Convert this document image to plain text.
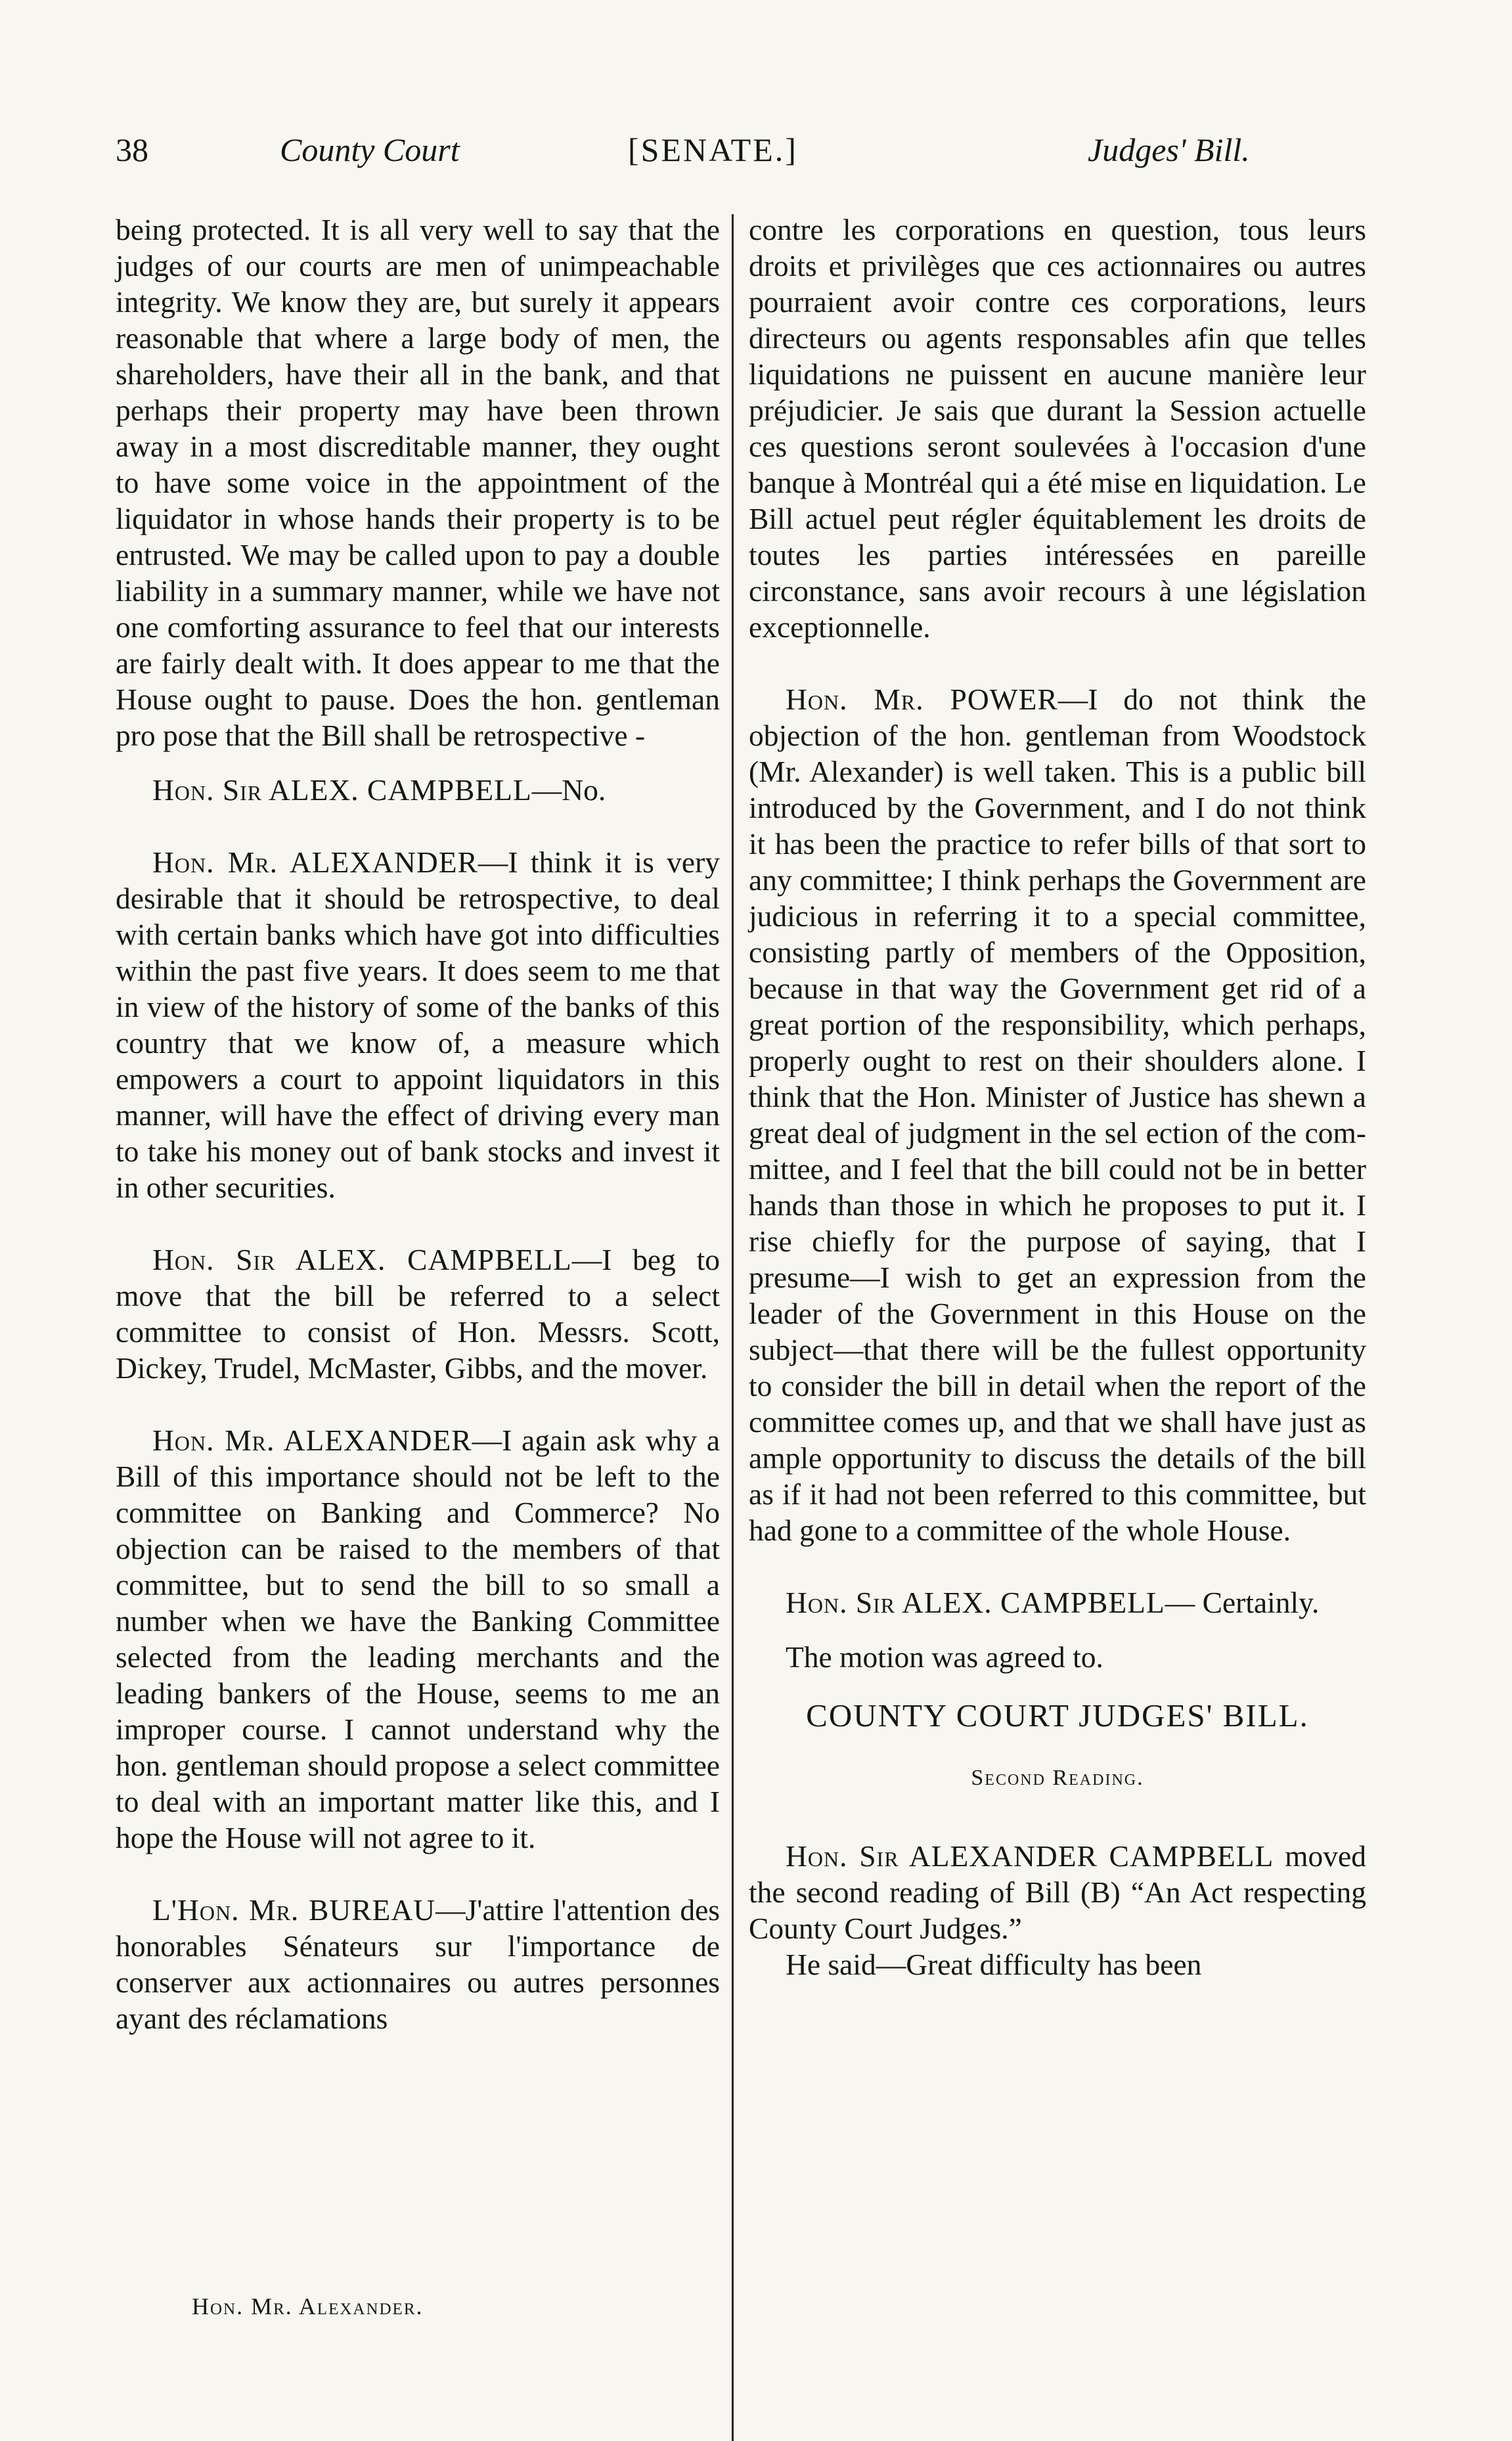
38	County Court	[SENATE.]	Judges' Bill.

being protected. It is all very well to say that the judges of our courts are men of unimpeachable integrity. We know they are, but surely it appears reasonable that where a large body of men, the shareholders, have their all in the bank, and that perhaps their property may have been thrown away in a most discreditable manner, they ought to have some voice in the appointment of the liquidator in whose hands their property is to be entrusted. We may be called upon to pay a double liability in a summary manner, while we have not one comforting assurance to feel that our interests are fairly dealt with. It does appear to me that the House ought to pause. Does the hon. gentleman pro pose that the Bill shall be retrospective -

Hon. Sir ALEX. CAMPBELL—No.

Hon. Mr. ALEXANDER—I think it is very desirable that it should be retrospective, to deal with certain banks which have got into difficulties within the past five years. It does seem to me that in view of the history of some of the banks of this country that we know of, a measure which empowers a court to appoint liquidators in this manner, will have the effect of driving every man to take his money out of bank stocks and invest it in other securities.

Hon. Sir ALEX. CAMPBELL—I beg to move that the bill be referred to a select committee to consist of Hon. Messrs. Scott, Dickey, Trudel, McMaster, Gibbs, and the mover.

Hon. Mr. ALEXANDER—I again ask why a Bill of this importance should not be left to the committee on Banking and Commerce? No objection can be raised to the members of that committee, but to send the bill to so small a number when we have the Banking Committee selected from the leading merchants and the leading bankers of the House, seems to me an improper course. I cannot understand why the hon. gentleman should propose a select committee to deal with an important matter like this, and I hope the House will not agree to it.

L'Hon. Mr. BUREAU—J'attire l'attention des honorables Sénateurs sur l'importance de conserver aux actionnaires ou autres personnes ayant des réclamations

contre les corporations en question, tous leurs droits et privilèges que ces actionnaires ou autres pourraient avoir contre ces corporations, leurs directeurs ou agents responsables afin que telles liquidations ne puissent en aucune manière leur préjudicier. Je sais que durant la Session actuelle ces questions seront soulevées à l'occasion d'une banque à Montréal qui a été mise en liquidation. Le Bill actuel peut régler équitablement les droits de toutes les parties intéressées en pareille circonstance, sans avoir recours à une législation exceptionnelle.

Hon. Mr. POWER—I do not think the objection of the hon. gentleman from Woodstock (Mr. Alexander) is well taken. This is a public bill introduced by the Government, and I do not think it has been the practice to refer bills of that sort to any committee; I think perhaps the Government are judicious in referring it to a special committee, consisting partly of members of the Opposition, because in that way the Government get rid of a great portion of the responsibility, which perhaps, properly ought to rest on their shoulders alone. I think that the Hon. Minister of Justice has shewn a great deal of judgment in the sel ection of the committee, and I feel that the bill could not be in better hands than those in which he proposes to put it. I rise chiefly for the purpose of saying, that I presume—I wish to get an expression from the leader of the Government in this House on the subject—that there will be the fullest opportunity to consider the bill in detail when the report of the committee comes up, and that we shall have just as ample opportunity to discuss the details of the bill as if it had not been referred to this committee, but had gone to a committee of the whole House.

Hon. Sir ALEX. CAMPBELL— Certainly.

The motion was agreed to.

COUNTY COURT JUDGES' BILL.
Second Reading.

Hon. Sir ALEXANDER CAMPBELL moved the second reading of Bill (B) “An Act respecting County Court Judges.”

He said—Great difficulty has been

Hon. Mr. Alexander.
